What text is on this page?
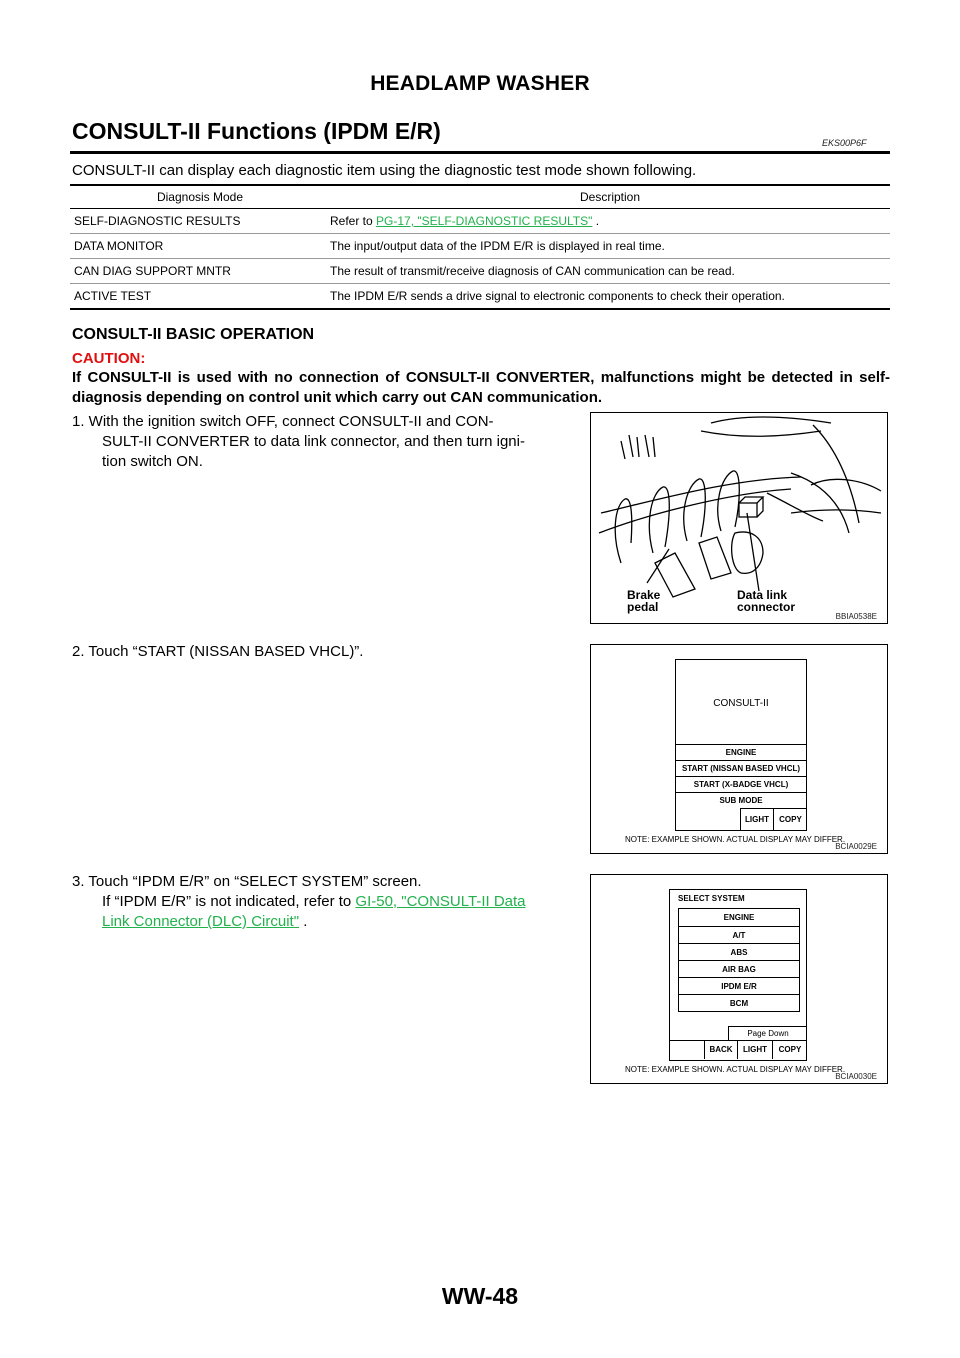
HEADLAMP WASHER
CONSULT-II Functions (IPDM E/R)	EKS00P6F
CONSULT-II can display each diagnostic item using the diagnostic test mode shown following.
Diagnosis Mode	Description
SELF-DIAGNOSTIC RESULTS	Refer to PG-17, "SELF-DIAGNOSTIC RESULTS" .
DATA MONITOR	The input/output data of the IPDM E/R is displayed in real time.
CAN DIAG SUPPORT MNTR	The result of transmit/receive diagnosis of CAN communication can be read.
ACTIVE TEST	The IPDM E/R sends a drive signal to electronic components to check their operation.
CONSULT-II BASIC OPERATION
CAUTION:
If CONSULT-II is used with no connection of CONSULT-II CONVERTER, malfunctions might be detected in self-diagnosis depending on control unit which carry out CAN communication.
1. With the ignition switch OFF, connect CONSULT-II and CON-
SULT-II CONVERTER to data link connector, and then turn igni-
tion switch ON.
2. Touch “START (NISSAN BASED VHCL)”.
3. Touch “IPDM E/R” on “SELECT SYSTEM” screen.
If “IPDM E/R” is not indicated, refer to GI-50, "CONSULT-II Data
Link Connector (DLC) Circuit" .
Brake
pedal
Data link
connector
BBIA0538E
CONSULT-II
ENGINE
START (NISSAN BASED VHCL)
START (X-BADGE VHCL)
SUB MODE
LIGHT	COPY
NOTE: EXAMPLE SHOWN. ACTUAL DISPLAY MAY DIFFER.
BCIA0029E
SELECT SYSTEM
ENGINE
A/T
ABS
AIR BAG
IPDM E/R
BCM
Page Down
BACK	LIGHT	COPY
NOTE: EXAMPLE SHOWN. ACTUAL DISPLAY MAY DIFFER.
BCIA0030E
WW-48
